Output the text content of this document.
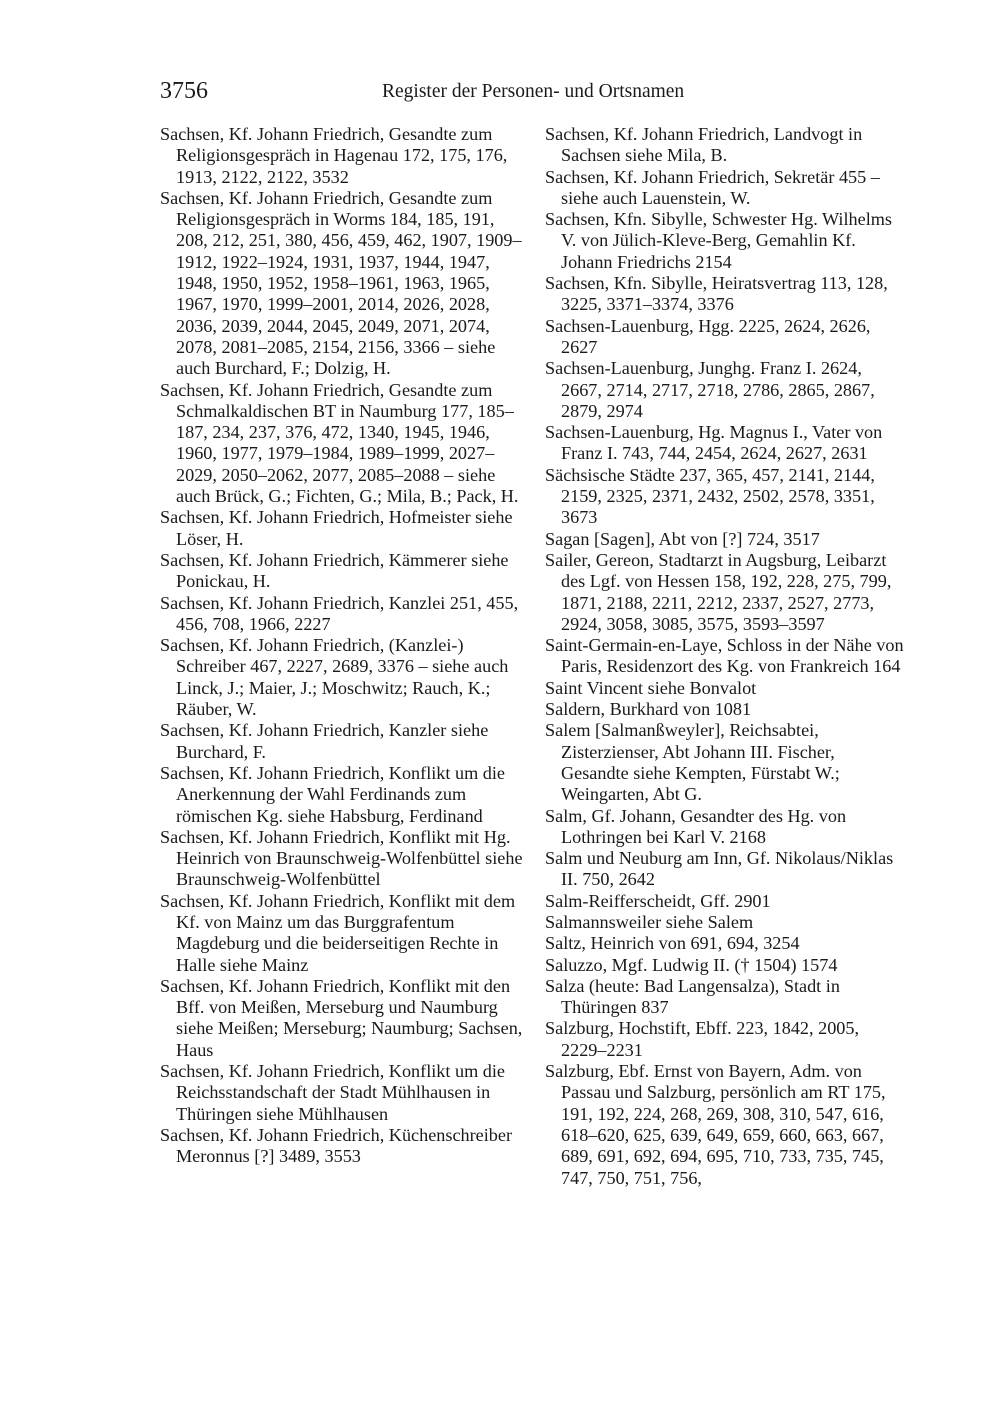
3756	Register der Personen- und Ortsnamen
Sachsen, Kf. Johann Friedrich, Gesandte zum Religionsgespräch in Hagenau 172, 175, 176, 1913, 2122, 2122, 3532
Sachsen, Kf. Johann Friedrich, Gesandte zum Religionsgespräch in Worms 184, 185, 191, 208, 212, 251, 380, 456, 459, 462, 1907, 1909–1912, 1922–1924, 1931, 1937, 1944, 1947, 1948, 1950, 1952, 1958–1961, 1963, 1965, 1967, 1970, 1999–2001, 2014, 2026, 2028, 2036, 2039, 2044, 2045, 2049, 2071, 2074, 2078, 2081–2085, 2154, 2156, 3366 – siehe auch Burchard, F.; Dolzig, H.
Sachsen, Kf. Johann Friedrich, Gesandte zum Schmalkaldischen BT in Naumburg 177, 185–187, 234, 237, 376, 472, 1340, 1945, 1946, 1960, 1977, 1979–1984, 1989–1999, 2027–2029, 2050–2062, 2077, 2085–2088 – siehe auch Brück, G.; Fichten, G.; Mila, B.; Pack, H.
Sachsen, Kf. Johann Friedrich, Hofmeister siehe Löser, H.
Sachsen, Kf. Johann Friedrich, Kämmerer siehe Ponickau, H.
Sachsen, Kf. Johann Friedrich, Kanzlei 251, 455, 456, 708, 1966, 2227
Sachsen, Kf. Johann Friedrich, (Kanzlei-) Schreiber 467, 2227, 2689, 3376 – siehe auch Linck, J.; Maier, J.; Moschwitz; Rauch, K.; Räuber, W.
Sachsen, Kf. Johann Friedrich, Kanzler siehe Burchard, F.
Sachsen, Kf. Johann Friedrich, Konflikt um die Anerkennung der Wahl Ferdinands zum römischen Kg. siehe Habsburg, Ferdinand
Sachsen, Kf. Johann Friedrich, Konflikt mit Hg. Heinrich von Braunschweig-Wolfenbüttel siehe Braunschweig-Wolfenbüttel
Sachsen, Kf. Johann Friedrich, Konflikt mit dem Kf. von Mainz um das Burggrafentum Magdeburg und die beiderseitigen Rechte in Halle siehe Mainz
Sachsen, Kf. Johann Friedrich, Konflikt mit den Bff. von Meißen, Merseburg und Naumburg siehe Meißen; Merseburg; Naumburg; Sachsen, Haus
Sachsen, Kf. Johann Friedrich, Konflikt um die Reichsstandschaft der Stadt Mühlhausen in Thüringen siehe Mühlhausen
Sachsen, Kf. Johann Friedrich, Küchenschreiber Meronnus [?] 3489, 3553
Sachsen, Kf. Johann Friedrich, Landvogt in Sachsen siehe Mila, B.
Sachsen, Kf. Johann Friedrich, Sekretär 455 – siehe auch Lauenstein, W.
Sachsen, Kfn. Sibylle, Schwester Hg. Wilhelms V. von Jülich-Kleve-Berg, Gemahlin Kf. Johann Friedrichs 2154
Sachsen, Kfn. Sibylle, Heiratsvertrag 113, 128, 3225, 3371–3374, 3376
Sachsen-Lauenburg, Hgg. 2225, 2624, 2626, 2627
Sachsen-Lauenburg, Junghg. Franz I. 2624, 2667, 2714, 2717, 2718, 2786, 2865, 2867, 2879, 2974
Sachsen-Lauenburg, Hg. Magnus I., Vater von Franz I. 743, 744, 2454, 2624, 2627, 2631
Sächsische Städte 237, 365, 457, 2141, 2144, 2159, 2325, 2371, 2432, 2502, 2578, 3351, 3673
Sagan [Sagen], Abt von [?] 724, 3517
Sailer, Gereon, Stadtarzt in Augsburg, Leibarzt des Lgf. von Hessen 158, 192, 228, 275, 799, 1871, 2188, 2211, 2212, 2337, 2527, 2773, 2924, 3058, 3085, 3575, 3593–3597
Saint-Germain-en-Laye, Schloss in der Nähe von Paris, Residenzort des Kg. von Frankreich 164
Saint Vincent siehe Bonvalot
Saldern, Burkhard von 1081
Salem [Salmanßweyler], Reichsabtei, Zisterzienser, Abt Johann III. Fischer, Gesandte siehe Kempten, Fürstabt W.; Weingarten, Abt G.
Salm, Gf. Johann, Gesandter des Hg. von Lothringen bei Karl V. 2168
Salm und Neuburg am Inn, Gf. Nikolaus/Niklas II. 750, 2642
Salm-Reifferscheidt, Gff. 2901
Salmannsweiler siehe Salem
Saltz, Heinrich von 691, 694, 3254
Saluzzo, Mgf. Ludwig II. († 1504) 1574
Salza (heute: Bad Langensalza), Stadt in Thüringen 837
Salzburg, Hochstift, Ebff. 223, 1842, 2005, 2229–2231
Salzburg, Ebf. Ernst von Bayern, Adm. von Passau und Salzburg, persönlich am RT 175, 191, 192, 224, 268, 269, 308, 310, 547, 616, 618–620, 625, 639, 649, 659, 660, 663, 667, 689, 691, 692, 694, 695, 710, 733, 735, 745, 747, 750, 751, 756,
